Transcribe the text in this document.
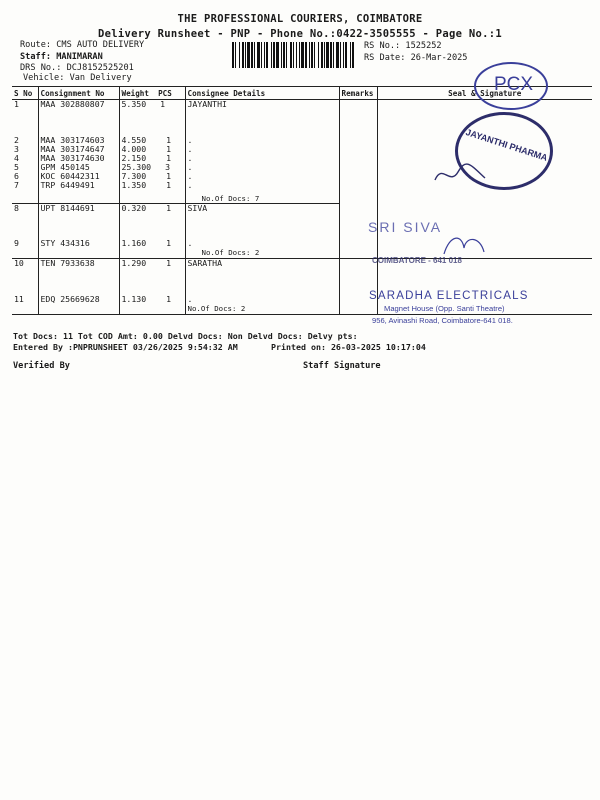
THE PROFESSIONAL COURIERS, COIMBATORE
Delivery Runsheet - PNP - Phone No.:0422-3505555 - Page No.:1
Route: CMS AUTO DELIVERY
Staff: MANIMARAN
DRS No.: DCJ8152525201
Vehicle: Van Delivery
RS No.: 1525252
RS Date: 26-Mar-2025
S No	Consignment No	Weight PCS		Consignee Details	Remarks	Seal & Signature
1	MAA 302880807	5.350 1		JAYANTHI		
2	MAA 303174603	4.550 1		.		
3	MAA 303174647	4.000 1		.		
4	MAA 303174630	2.150 1		.		
5	GPM 450145	25.300 3		.		
6	KOC 60442311	7.300 1		.		
7	TRP 6449491	1.350 1		.		
				No.Of Docs: 7		
8	UPT 8144691	0.320 1		SIVA		
9	STY 434316	1.160 1		.		
				No.Of Docs: 2		
10	TEN 7933638	1.290 1		SARATHA		
11	EDQ 25669628	1.130 1		.		
				No.Of Docs: 2		
Tot Docs: 11 Tot COD Amt: 0.00 Delvd Docs: Non Delvd Docs: Delvy pts:
Entered By :PNPRUNSHEET 03/26/2025 9:54:32 AM	Printed on: 26-03-2025 10:17:04
Verified By	Staff Signature
PCX
JAYANTHI PHARMA
SRI SIVA
COIMBATORE - 641 018
SARADHA ELECTRICALS
Magnet House (Opp. Santi Theatre)
956, Avinashi Road, Coimbatore-641 018.
